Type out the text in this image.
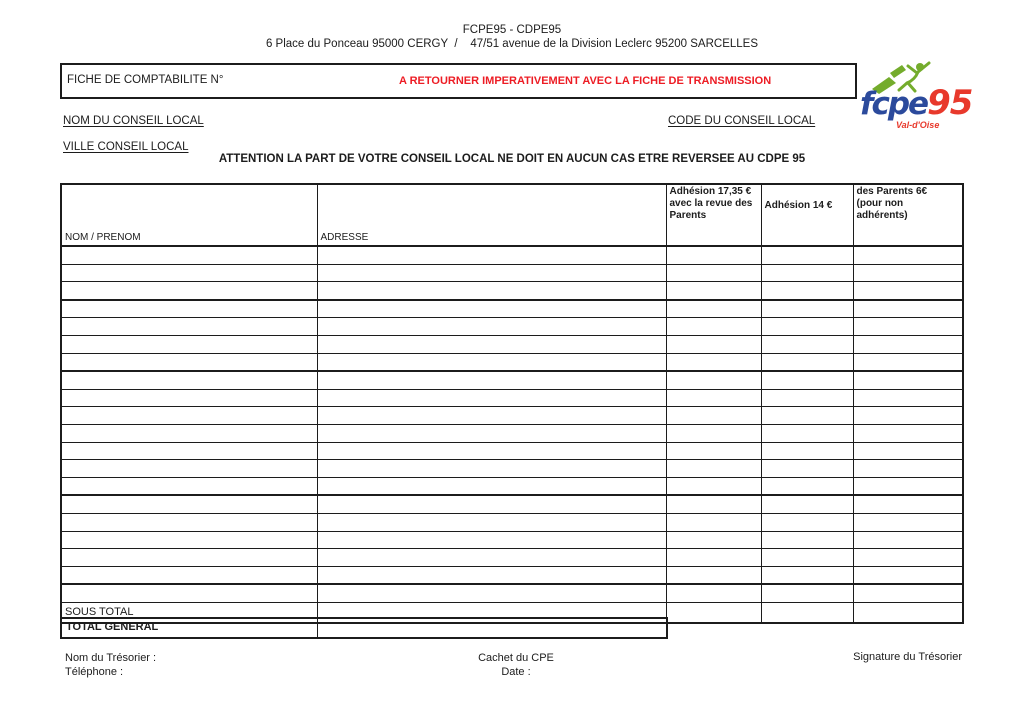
FCPE95 - CDPE95
6 Place du Ponceau 95000 CERGY  /    47/51 avenue de la Division Leclerc 95200 SARCELLES
FICHE DE COMPTABILITE N°	A RETOURNER IMPERATIVEMENT AVEC LA FICHE DE TRANSMISSION
NOM DU CONSEIL LOCAL	CODE DU CONSEIL LOCAL
VILLE CONSEIL LOCAL
ATTENTION LA PART DE VOTRE CONSEIL LOCAL NE DOIT EN AUCUN CAS ETRE REVERSEE AU CDPE 95
fcpe95
Val-d'Oise
NOM / PRENOM	ADRESSE	Adhésion 17,35 € avec la revue des Parents	Adhésion 14 €	des Parents 6€ (pour non adhérents)

SOUS TOTAL				
TOTAL GENERAL
Nom du Trésorier :
Téléphone :
Cachet du CPE
Date :
Signature du Trésorier
